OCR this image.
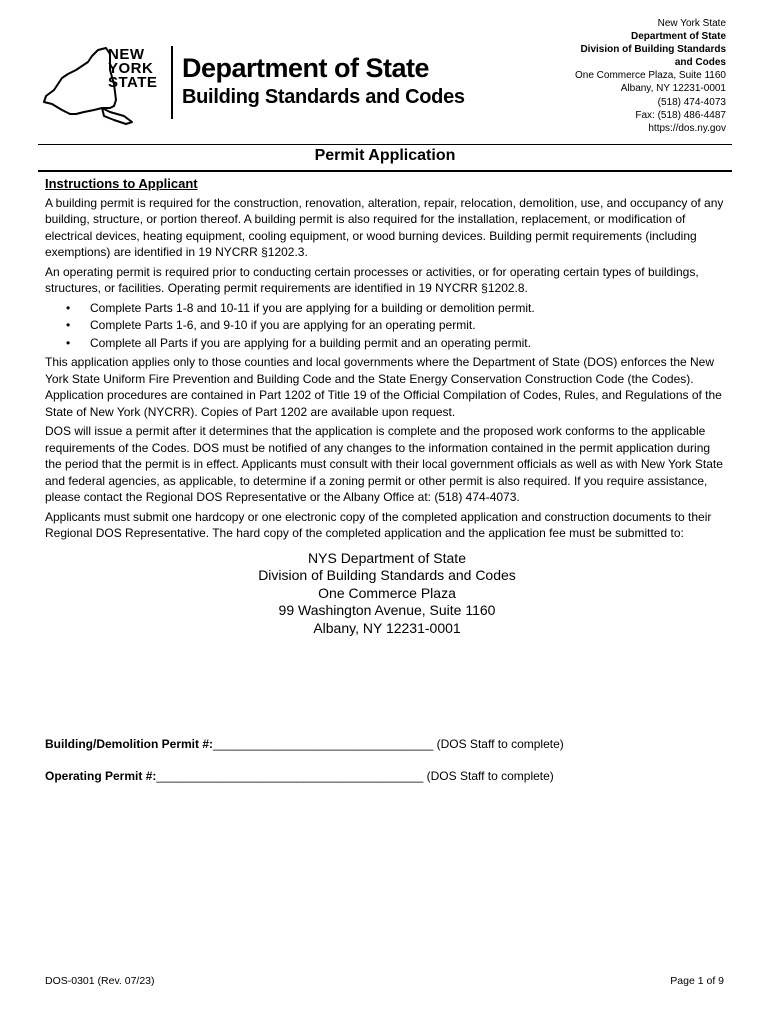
NEW
YORK
STATE Department of State
Building Standards and Codes
New York State
Department of State
Division of Building Standards
and Codes
One Commerce Plaza, Suite 1160
Albany, NY 12231-0001
(518) 474-4073
Fax: (518) 486-4487
https://dos.ny.gov
Permit Application
Instructions to Applicant

A building permit is required for the construction, renovation, alteration, repair, relocation, demolition, use, and occupancy of any building, structure, or portion thereof. A building permit is also required for the installation, replacement, or modification of electrical devices, heating equipment, cooling equipment, or wood burning devices. Building permit requirements (including exemptions) are identified in 19 NYCRR §1202.3.

An operating permit is required prior to conducting certain processes or activities, or for operating certain types of buildings, structures, or facilities. Operating permit requirements are identified in 19 NYCRR §1202.8.

• Complete Parts 1-8 and 10-11 if you are applying for a building or demolition permit.
• Complete Parts 1-6, and 9-10 if you are applying for an operating permit.
• Complete all Parts if you are applying for a building permit and an operating permit.

This application applies only to those counties and local governments where the Department of State (DOS) enforces the New York State Uniform Fire Prevention and Building Code and the State Energy Conservation Construction Code (the Codes). Application procedures are contained in Part 1202 of Title 19 of the Official Compilation of Codes, Rules, and Regulations of the State of New York (NYCRR). Copies of Part 1202 are available upon request.

DOS will issue a permit after it determines that the application is complete and the proposed work conforms to the applicable requirements of the Codes. DOS must be notified of any changes to the information contained in the permit application during the period that the permit is in effect. Applicants must consult with their local government officials as well as with New York State and federal agencies, as applicable, to determine if a zoning permit or other permit is also required. If you require assistance, please contact the Regional DOS Representative or the Albany Office at: (518) 474-4073.

Applicants must submit one hardcopy or one electronic copy of the completed application and construction documents to their Regional DOS Representative. The hard copy of the completed application and the application fee must be submitted to:

NYS Department of State
Division of Building Standards and Codes
One Commerce Plaza
99 Washington Avenue, Suite 1160
Albany, NY 12231-0001
Building/Demolition Permit #:_________________________________ (DOS Staff to complete)
Operating Permit #:________________________________________ (DOS Staff to complete)
DOS-0301 (Rev. 07/23)	Page 1 of 9
